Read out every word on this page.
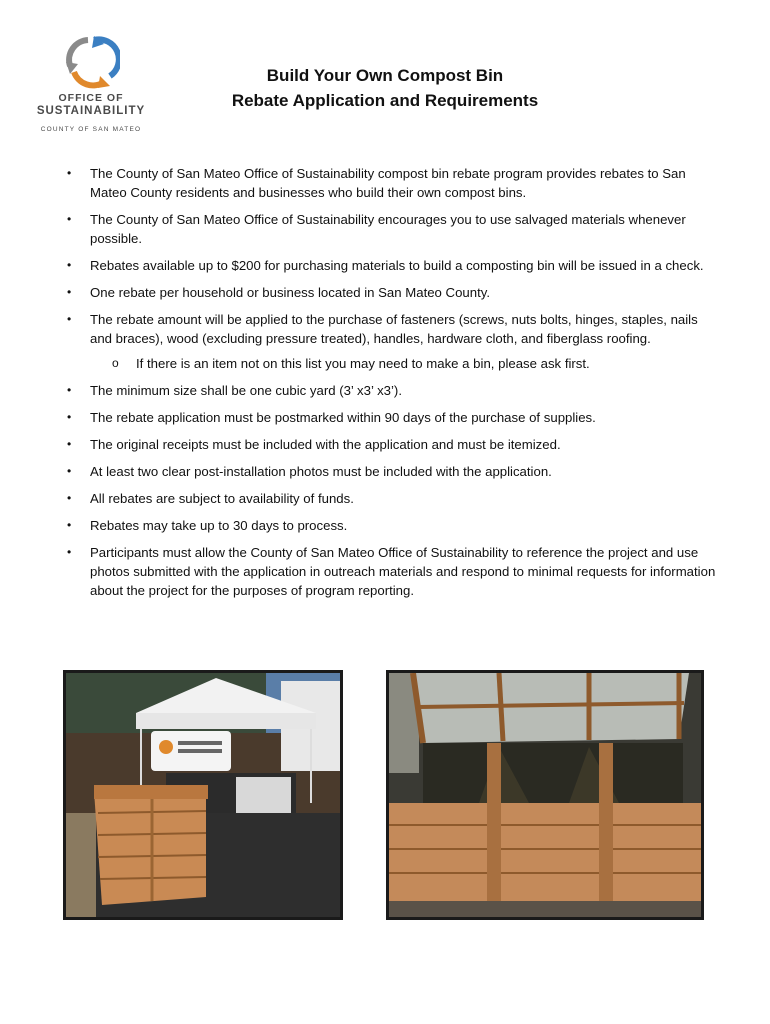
OFFICE OF
SUSTAINABILITY
COUNTY OF SAN MATEO
Build Your Own Compost Bin
Rebate Application and Requirements
• The County of San Mateo Office of Sustainability compost bin rebate program provides rebates to San Mateo County residents and businesses who build their own compost bins.
• The County of San Mateo Office of Sustainability encourages you to use salvaged materials whenever possible.
• Rebates available up to $200 for purchasing materials to build a composting bin will be issued in a check.
• One rebate per household or business located in San Mateo County.
• The rebate amount will be applied to the purchase of fasteners (screws, nuts bolts, hinges, staples, nails and braces), wood (excluding pressure treated), handles, hardware cloth, and fiberglass roofing.
o If there is an item not on this list you may need to make a bin, please ask first.
• The minimum size shall be one cubic yard (3’ x3’ x3’).
• The rebate application must be postmarked within 90 days of the purchase of supplies.
• The original receipts must be included with the application and must be itemized.
• At least two clear post-installation photos must be included with the application.
• All rebates are subject to availability of funds.
• Rebates may take up to 30 days to process.
• Participants must allow the County of San Mateo Office of Sustainability to reference the project and use photos submitted with the application in outreach materials and respond to minimal requests for information about the project for the purposes of program reporting.
